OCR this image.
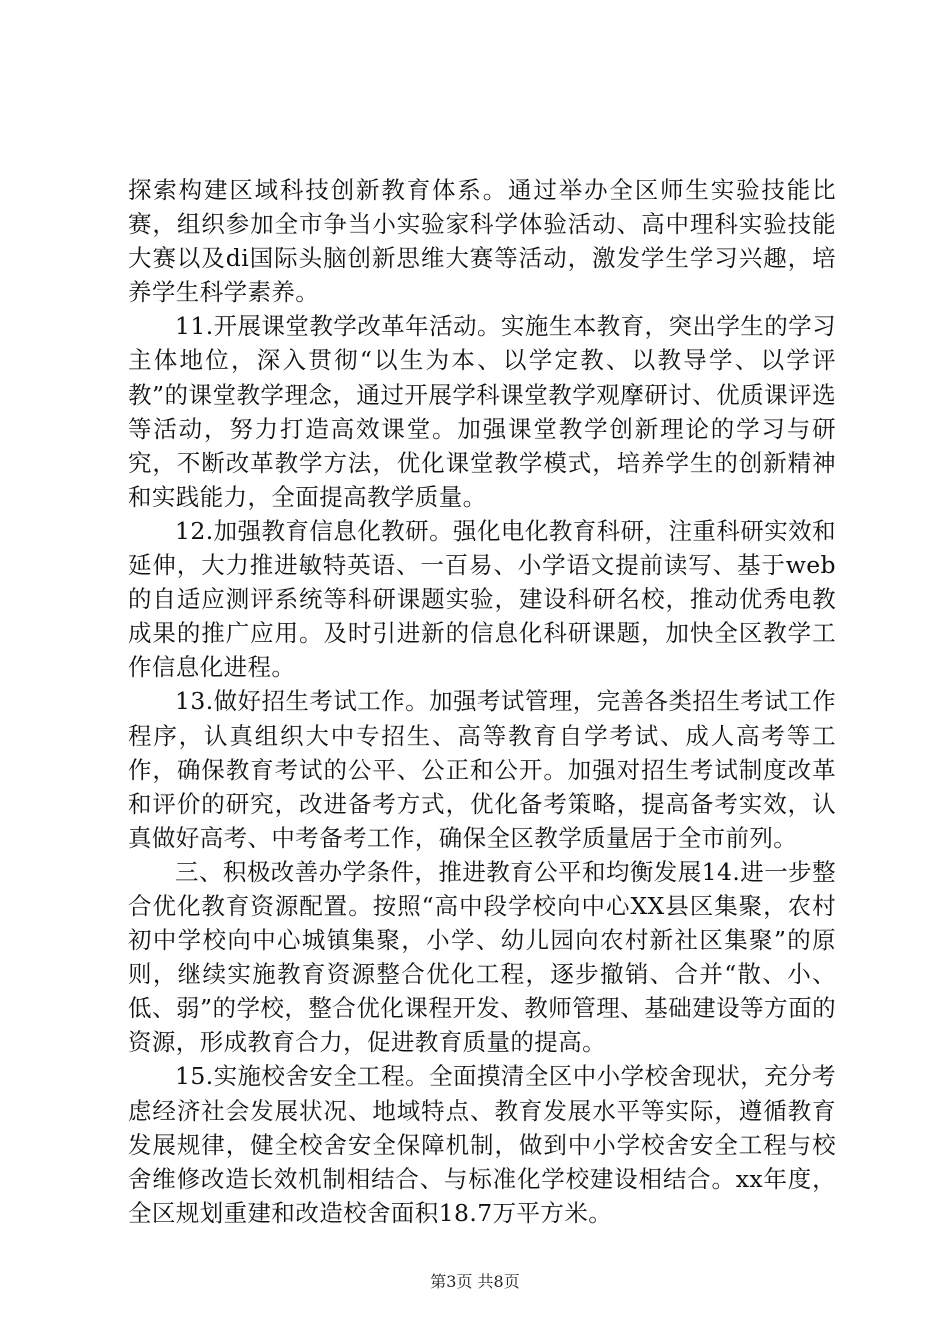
探索构建区域科技创新教育体系。通过举办全区师生实验技能比赛，组织参加全市争当小实验家科学体验活动、高中理科实验技能大赛以及di国际头脑创新思维大赛等活动，激发学生学习兴趣，培养学生科学素养。

11.开展课堂教学改革年活动。实施生本教育，突出学生的学习主体地位，深入贯彻“以生为本、以学定教、以教导学、以学评教”的课堂教学理念，通过开展学科课堂教学观摩研讨、优质课评选等活动，努力打造高效课堂。加强课堂教学创新理论的学习与研究，不断改革教学方法，优化课堂教学模式，培养学生的创新精神和实践能力，全面提高教学质量。

12.加强教育信息化教研。强化电化教育科研，注重科研实效和延伸，大力推进敏特英语、一百易、小学语文提前读写、基于web的自适应测评系统等科研课题实验，建设科研名校，推动优秀电教成果的推广应用。及时引进新的信息化科研课题，加快全区教学工作信息化进程。

13.做好招生考试工作。加强考试管理，完善各类招生考试工作程序，认真组织大中专招生、高等教育自学考试、成人高考等工作，确保教育考试的公平、公正和公开。加强对招生考试制度改革和评价的研究，改进备考方式，优化备考策略，提高备考实效，认真做好高考、中考备考工作，确保全区教学质量居于全市前列。

三、积极改善办学条件，推进教育公平和均衡发展14.进一步整合优化教育资源配置。按照“高中段学校向中心XX县区集聚，农村初中学校向中心城镇集聚，小学、幼儿园向农村新社区集聚”的原则，继续实施教育资源整合优化工程，逐步撤销、合并“散、小、低、弱”的学校，整合优化课程开发、教师管理、基础建设等方面的资源，形成教育合力，促进教育质量的提高。

15.实施校舍安全工程。全面摸清全区中小学校舍现状，充分考虑经济社会发展状况、地域特点、教育发展水平等实际，遵循教育发展规律，健全校舍安全保障机制，做到中小学校舍安全工程与校舍维修改造长效机制相结合、与标准化学校建设相结合。xx年度，全区规划重建和改造校舍面积18.7万平方米。

第3页 共8页
